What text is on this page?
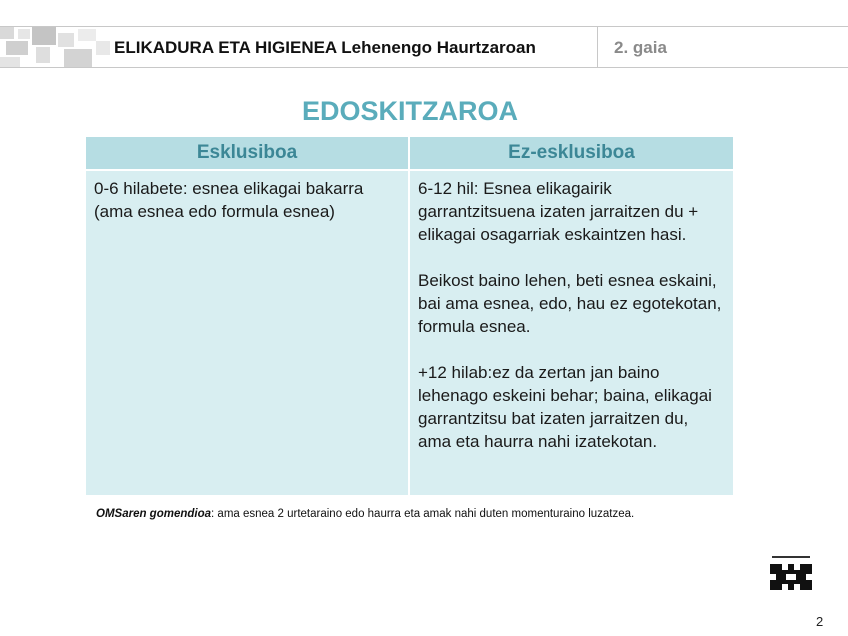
ELIKADURA ETA HIGIENEA Lehenengo Haurtzaroan	2. gaia
EDOSKITZAROA
Esklusiboa	Ez-esklusiboa

0-6 hilabete: esnea elikagai bakarra (ama esnea edo formula esnea)	6-12 hil: Esnea elikagairik garrantzitsuena izaten jarraitzen du + elikagai osagarriak eskaintzen hasi.

Beikost baino lehen, beti esnea eskaini, bai ama esnea, edo, hau ez egotekotan, formula esnea.

+12 hilab:ez da zertan jan baino lehenago eskeini behar; baina, elikagai garrantzitsu bat izaten jarraitzen du, ama eta haurra nahi izatekotan.

OMSaren gomendioa: ama esnea 2 urtetaraino edo haurra eta amak nahi duten momenturaino luzatzea.
2
